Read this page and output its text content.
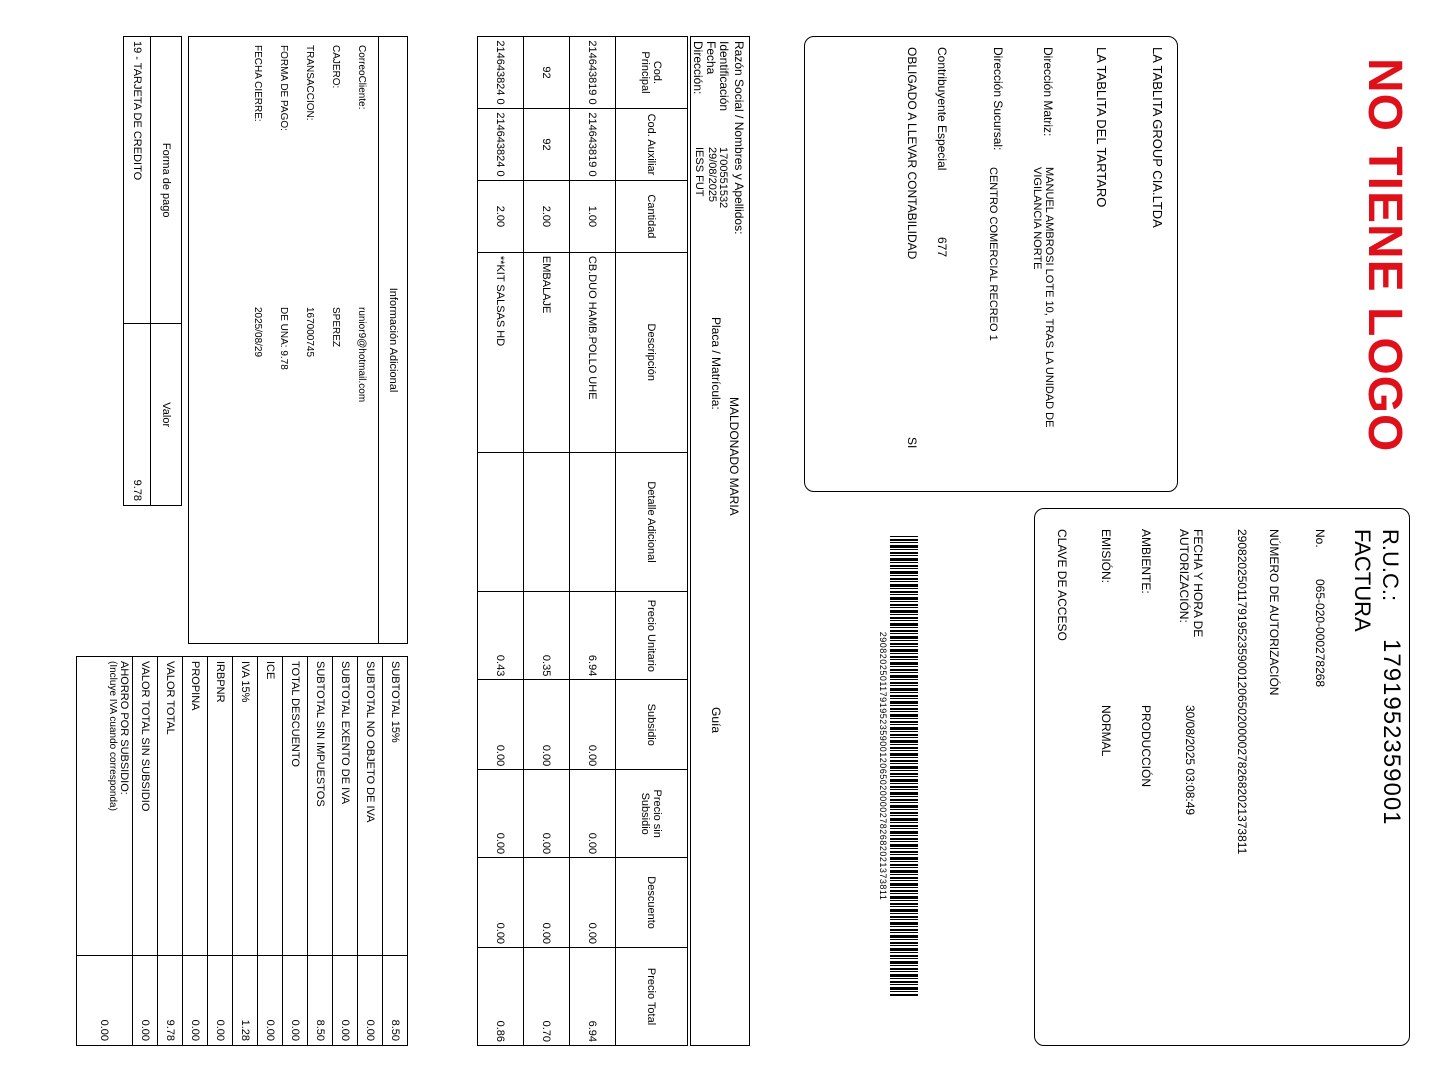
NO TIENE LOGO
LA TABLITA GROUP CIA.LTDA
LA TABLITA DEL TARTARO
Dirección Matriz:
MANUEL AMBROSI LOTE 10, TRAS LA UNIDAD DE VIGILANCIA NORTE
Dirección Sucursal:
CENTRO COMERCIAL RECREO 1
Contribuyente Especial
677
OBLIGADO A LLEVAR CONTABILIDAD
SI
R.U.C.:
1791952359001
FACTURA
No.
065-020-000278268
NÚMERO DE AUTORIZACIÓN
2908202501179195235900120650200002782682021373811
FECHA Y HORA DE AUTORIZACIÓN:
30/08/2025 03:08:49
AMBIENTE:
PRODUCCIÓN
EMISIÓN:
NORMAL
CLAVE DE ACCESO
2908202501179195235900120650200002782682021373811
Razón Social / Nombres y Apellidos:
MALDONADO MARIA
Identificación
1700551532
Fecha
29/08/2025
Placa / Matrícula:
Guía
Dirección:
IESS FUT
Cod. Principal	Cod. Auxiliar	Cantidad	Descripción	Detalle Adicional	Precio Unitario	Subsidio	Precio sin Subsidio	Descuento	Precio Total
214643819 0	214643819 0	1.00	CB.DUO HAMB.POLLO UHE		6.94	0.00	0.00	0.00	6.94
92	92	2.00	EMBALAJE		0.35	0.00	0.00	0.00	0.70
214643824 0	214643824 0	2.00	**KIT SALSAS HD		0.43	0.00	0.00	0.00	0.86
Información Adicional
CorreoCliente:
runior9@hotmail.com
CAJERO:
SPEREZ
TRANSACCION:
167000745
FORMA DE PAGO:
DE UNA: 9.78
FECHA CIERRE:
2025/08/29
Forma de pago	Valor
19 - TARJETA DE CREDITO	9.78
SUBTOTAL 15%	8.50
SUBTOTAL NO OBJETO DE IVA	0.00
SUBTOTAL EXENTO DE IVA	0.00
SUBTOTAL SIN IMPUESTOS	8.50
TOTAL DESCUENTO	0.00
ICE	0.00
IVA 15%	1.28
IRBPNR	0.00
PROPINA	0.00
VALOR TOTAL	9.78
VALOR TOTAL SIN SUBSIDIO	0.00

AHORRO POR SUBSIDIO:
(Incluye IVA cuando corresponda)	0.00
